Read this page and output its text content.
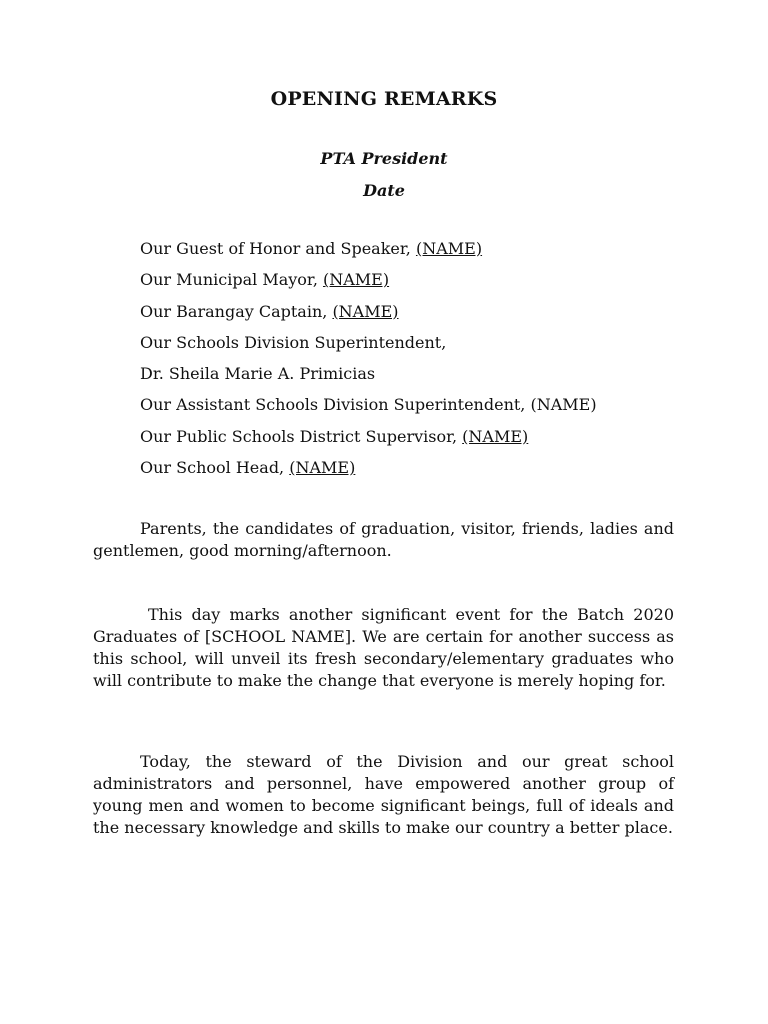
OPENING REMARKS
PTA President
Date
Our Guest of Honor and Speaker, (NAME)
Our Municipal Mayor, (NAME)
Our Barangay Captain, (NAME)
Our Schools Division Superintendent,
Dr. Sheila Marie A. Primicias
Our Assistant Schools Division Superintendent, (NAME)
Our Public Schools District Supervisor, (NAME)
Our School Head, (NAME)

Parents, the candidates of graduation, visitor, friends, ladies and gentlemen, good morning/afternoon.

This day marks another significant event for the Batch 2020 Graduates of [SCHOOL NAME]. We are certain for another success as this school, will unveil its fresh secondary/elementary graduates who will contribute to make the change that everyone is merely hoping for.

Today, the steward of the Division and our great school administrators and personnel, have empowered another group of young men and women to become significant beings, full of ideals and the necessary knowledge and skills to make our country a better place.
